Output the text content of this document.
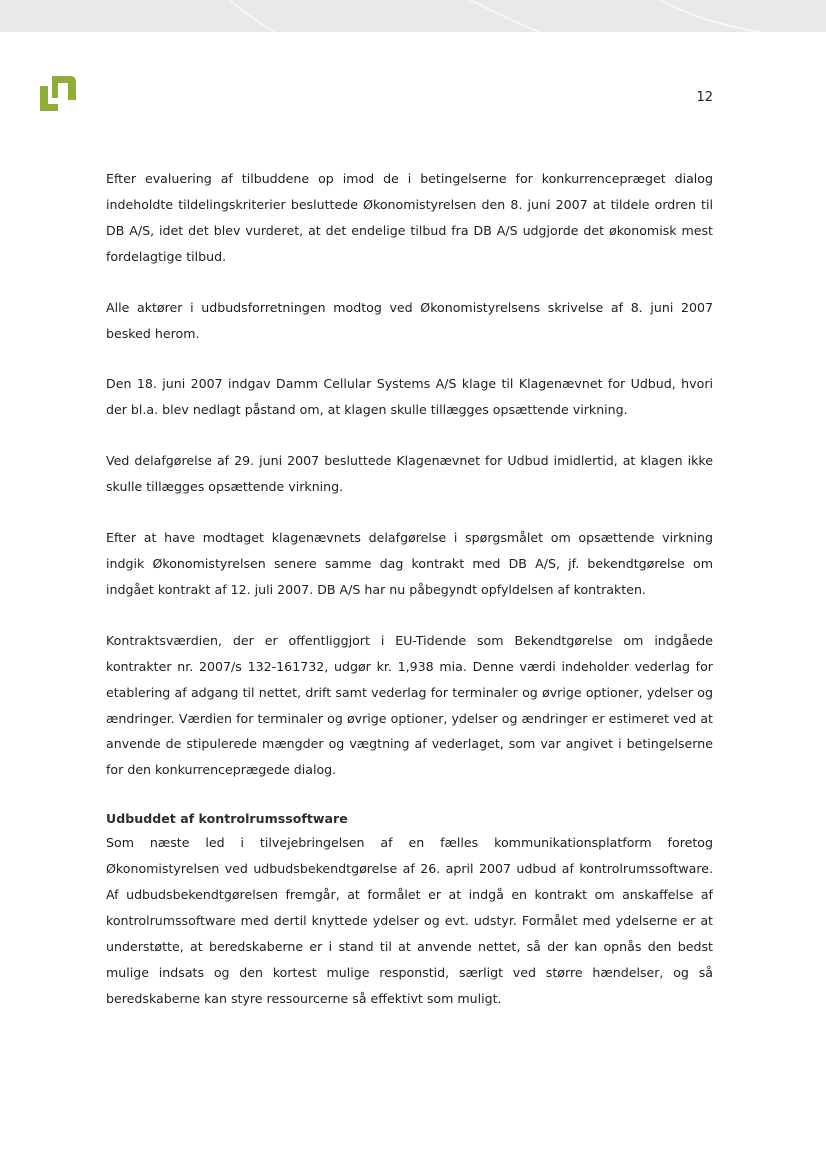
12

Efter evaluering af tilbuddene op imod de i betingelserne for konkurrencepræget dialog indeholdte tildelingskriterier besluttede Økonomistyrelsen den 8. juni 2007 at tildele ordren til DB A/S, idet det blev vurderet, at det endelige tilbud fra DB A/S udgjorde det økonomisk mest fordelagtige tilbud.

Alle aktører i udbudsforretningen modtog ved Økonomistyrelsens skrivelse af 8. juni 2007 besked herom.

Den 18. juni 2007 indgav Damm Cellular Systems A/S klage til Klagenævnet for Udbud, hvori der bl.a. blev nedlagt påstand om, at klagen skulle tillægges opsættende virkning.

Ved delafgørelse af 29. juni 2007 besluttede Klagenævnet for Udbud imidlertid, at klagen ikke skulle tillægges opsættende virkning.

Efter at have modtaget klagenævnets delafgørelse i spørgsmålet om opsættende virkning indgik Økonomistyrelsen senere samme dag kontrakt med DB A/S, jf. bekendtgørelse om indgået kontrakt af 12. juli 2007. DB A/S har nu påbegyndt opfyldelsen af kontrakten.

Kontraktsværdien, der er offentliggjort i EU-Tidende som Bekendtgørelse om indgåede kontrakter nr. 2007/s 132-161732, udgør kr. 1,938 mia. Denne værdi indeholder vederlag for etablering af adgang til nettet, drift samt vederlag for terminaler og øvrige optioner, ydelser og ændringer. Værdien for terminaler og øvrige optioner, ydelser og ændringer er estimeret ved at anvende de stipulerede mængder og vægtning af vederlaget, som var angivet i betingelserne for den konkurrenceprægede dialog.

Udbuddet af kontrolrumssoftware

Som næste led i tilvejebringelsen af en fælles kommunikationsplatform foretog Økonomistyrelsen ved udbudsbekendtgørelse af 26. april 2007 udbud af kontrolrumssoftware. Af udbudsbekendtgørelsen fremgår, at formålet er at indgå en kontrakt om anskaffelse af kontrolrumssoftware med dertil knyttede ydelser og evt. udstyr. Formålet med ydelserne er at understøtte, at beredskaberne er i stand til at anvende nettet, så der kan opnås den bedst mulige indsats og den kortest mulige responstid, særligt ved større hændelser, og så beredskaberne kan styre ressourcerne så effektivt som muligt.
